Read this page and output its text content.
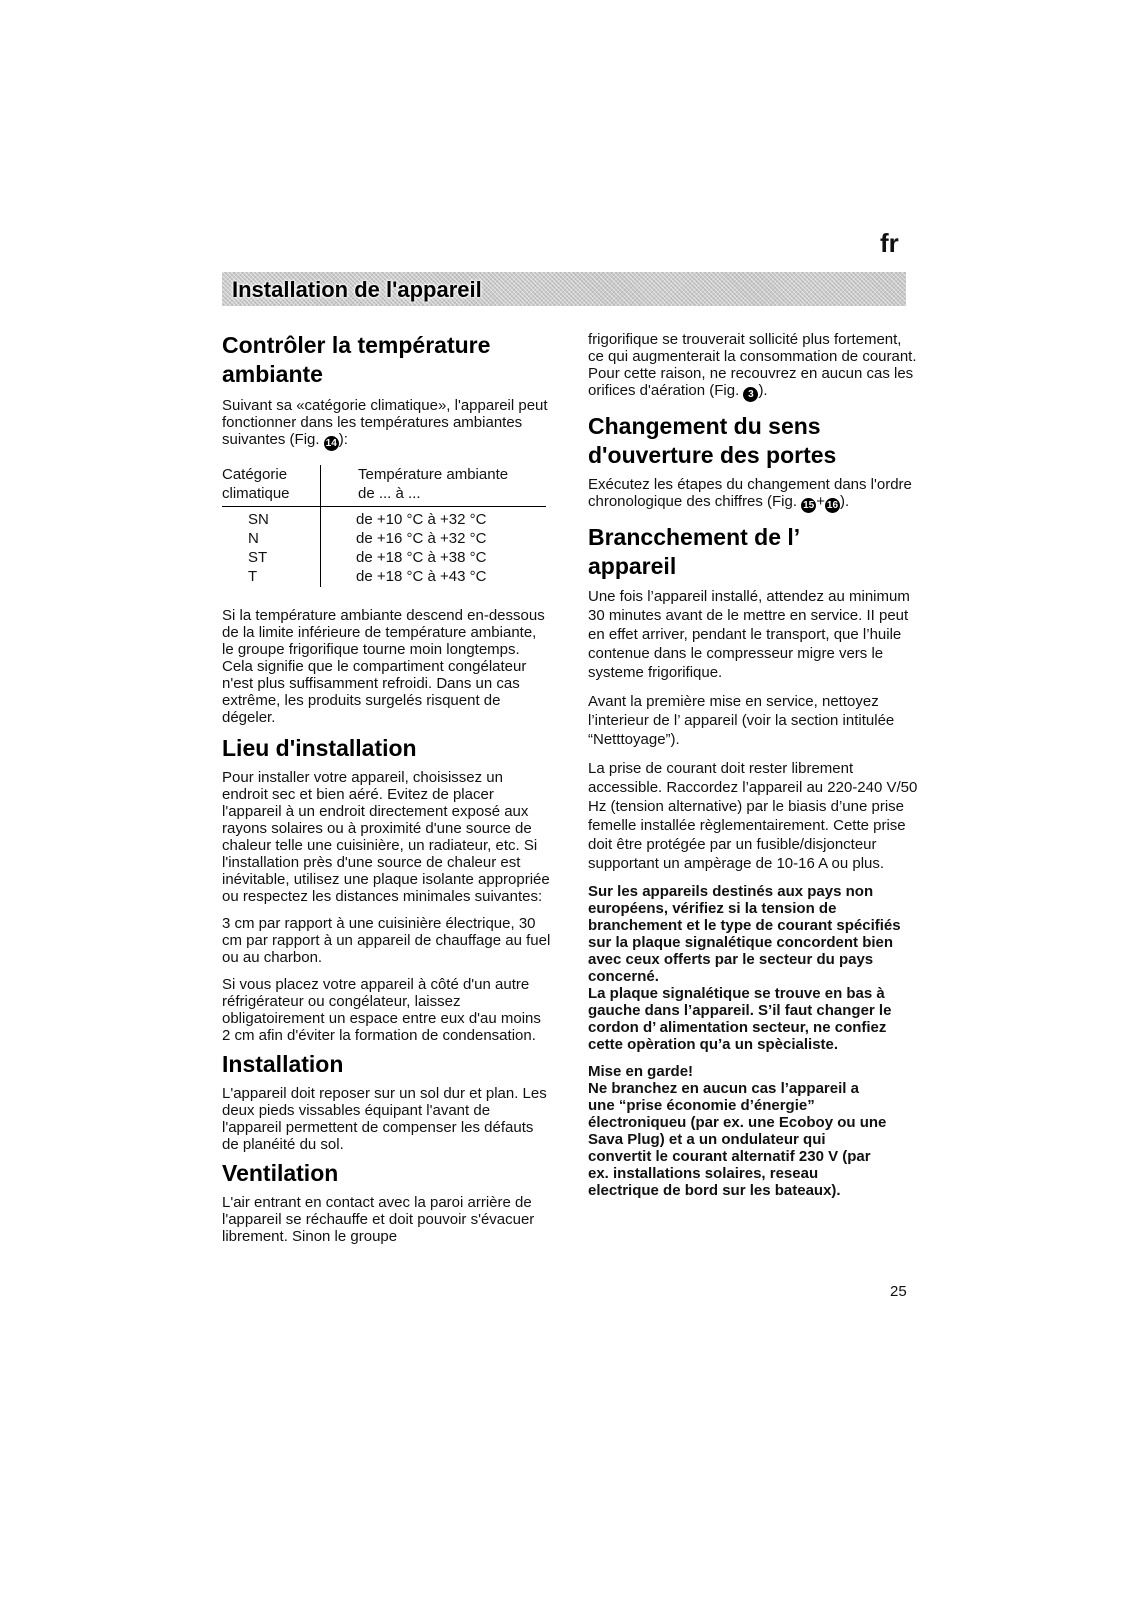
fr
Installation de l'appareil
Contrôler la température ambiante

Suivant sa «catégorie climatique», l'appareil peut fonctionner dans les températures ambiantes suivantes (Fig. 14 ):

Catégorie climatique
Température ambiante de ... à ...
SN	de +10 °C à +32 °C
N	de +16 °C à +32 °C
ST	de +18 °C à +38 °C
T	de +18 °C à +43 °C

Si la température ambiante descend en-dessous de la limite inférieure de température ambiante, le groupe frigorifique tourne moin longtemps. Cela signifie que le compartiment congélateur n'est plus suffisamment refroidi. Dans un cas extrême, les produits surgelés risquent de dégeler.

Lieu d'installation

Pour installer votre appareil, choisissez un endroit sec et bien aéré. Evitez de placer l'appareil à un endroit directement exposé aux rayons solaires ou à proximité d'une source de chaleur telle une cuisinière, un radiateur, etc. Si l'installation près d'une source de chaleur est inévitable, utilisez une plaque isolante appropriée ou respectez les distances minimales suivantes:

3 cm par rapport à une cuisinière électrique, 30 cm par rapport à un appareil de chauffage au fuel ou au charbon.

Si vous placez votre appareil à côté d'un autre réfrigérateur ou congélateur, laissez obligatoirement un espace entre eux d'au moins 2 cm afin d'éviter la formation de condensation.

Installation

L'appareil doit reposer sur un sol dur et plan. Les deux pieds vissables équipant l'avant de l'appareil permettent de compenser les défauts de planéité du sol.

Ventilation

L'air entrant en contact avec la paroi arrière de l'appareil se réchauffe et doit pouvoir s'évacuer librement. Sinon le groupe

frigorifique se trouverait sollicité plus fortement, ce qui augmenterait la consommation de courant. Pour cette raison, ne recouvrez en aucun cas les orifices d'aération (Fig. 3 ).

Changement du sens d'ouverture des portes

Exécutez les étapes du changement dans l'ordre chronologique des chiffres (Fig. 15 + 16 ).

Brancchement de l’ appareil

Une fois l’appareil installé, attendez au minimum 30 minutes avant de le mettre en service. II peut en effet arriver, pendant le transport, que l’huile contenue dans le compresseur migre vers le systeme frigorifique.

Avant la première mise en service, nettoyez l’interieur de l’ appareil (voir la section intitulée “Netttoyage”).

La prise de courant doit rester librement accessible. Raccordez l’appareil au 220-240 V/50 Hz (tension alternative) par le biasis d’une prise femelle installée règlementairement. Cette prise doit être protégée par un fusible/disjoncteur supportant un ampèrage de 10-16 A ou plus.

Sur les appareils destinés aux pays non européens, vérifiez si la tension de branchement et le type de courant spécifiés sur la plaque signalétique concordent bien avec ceux offerts par le secteur du pays concerné.

La plaque signalétique se trouve en bas à gauche dans l’appareil. S’il faut changer le cordon d’ alimentation secteur, ne confiez cette opèration qu’a un spècialiste.

Mise en garde!

Ne branchez en aucun cas l’appareil a une “prise économie d’énergie” électroniqueu (par ex. une Ecoboy ou une Sava Plug) et a un ondulateur qui convertit le courant alternatif 230 V (par ex. installations solaires, reseau electrique de bord sur les bateaux).

25
